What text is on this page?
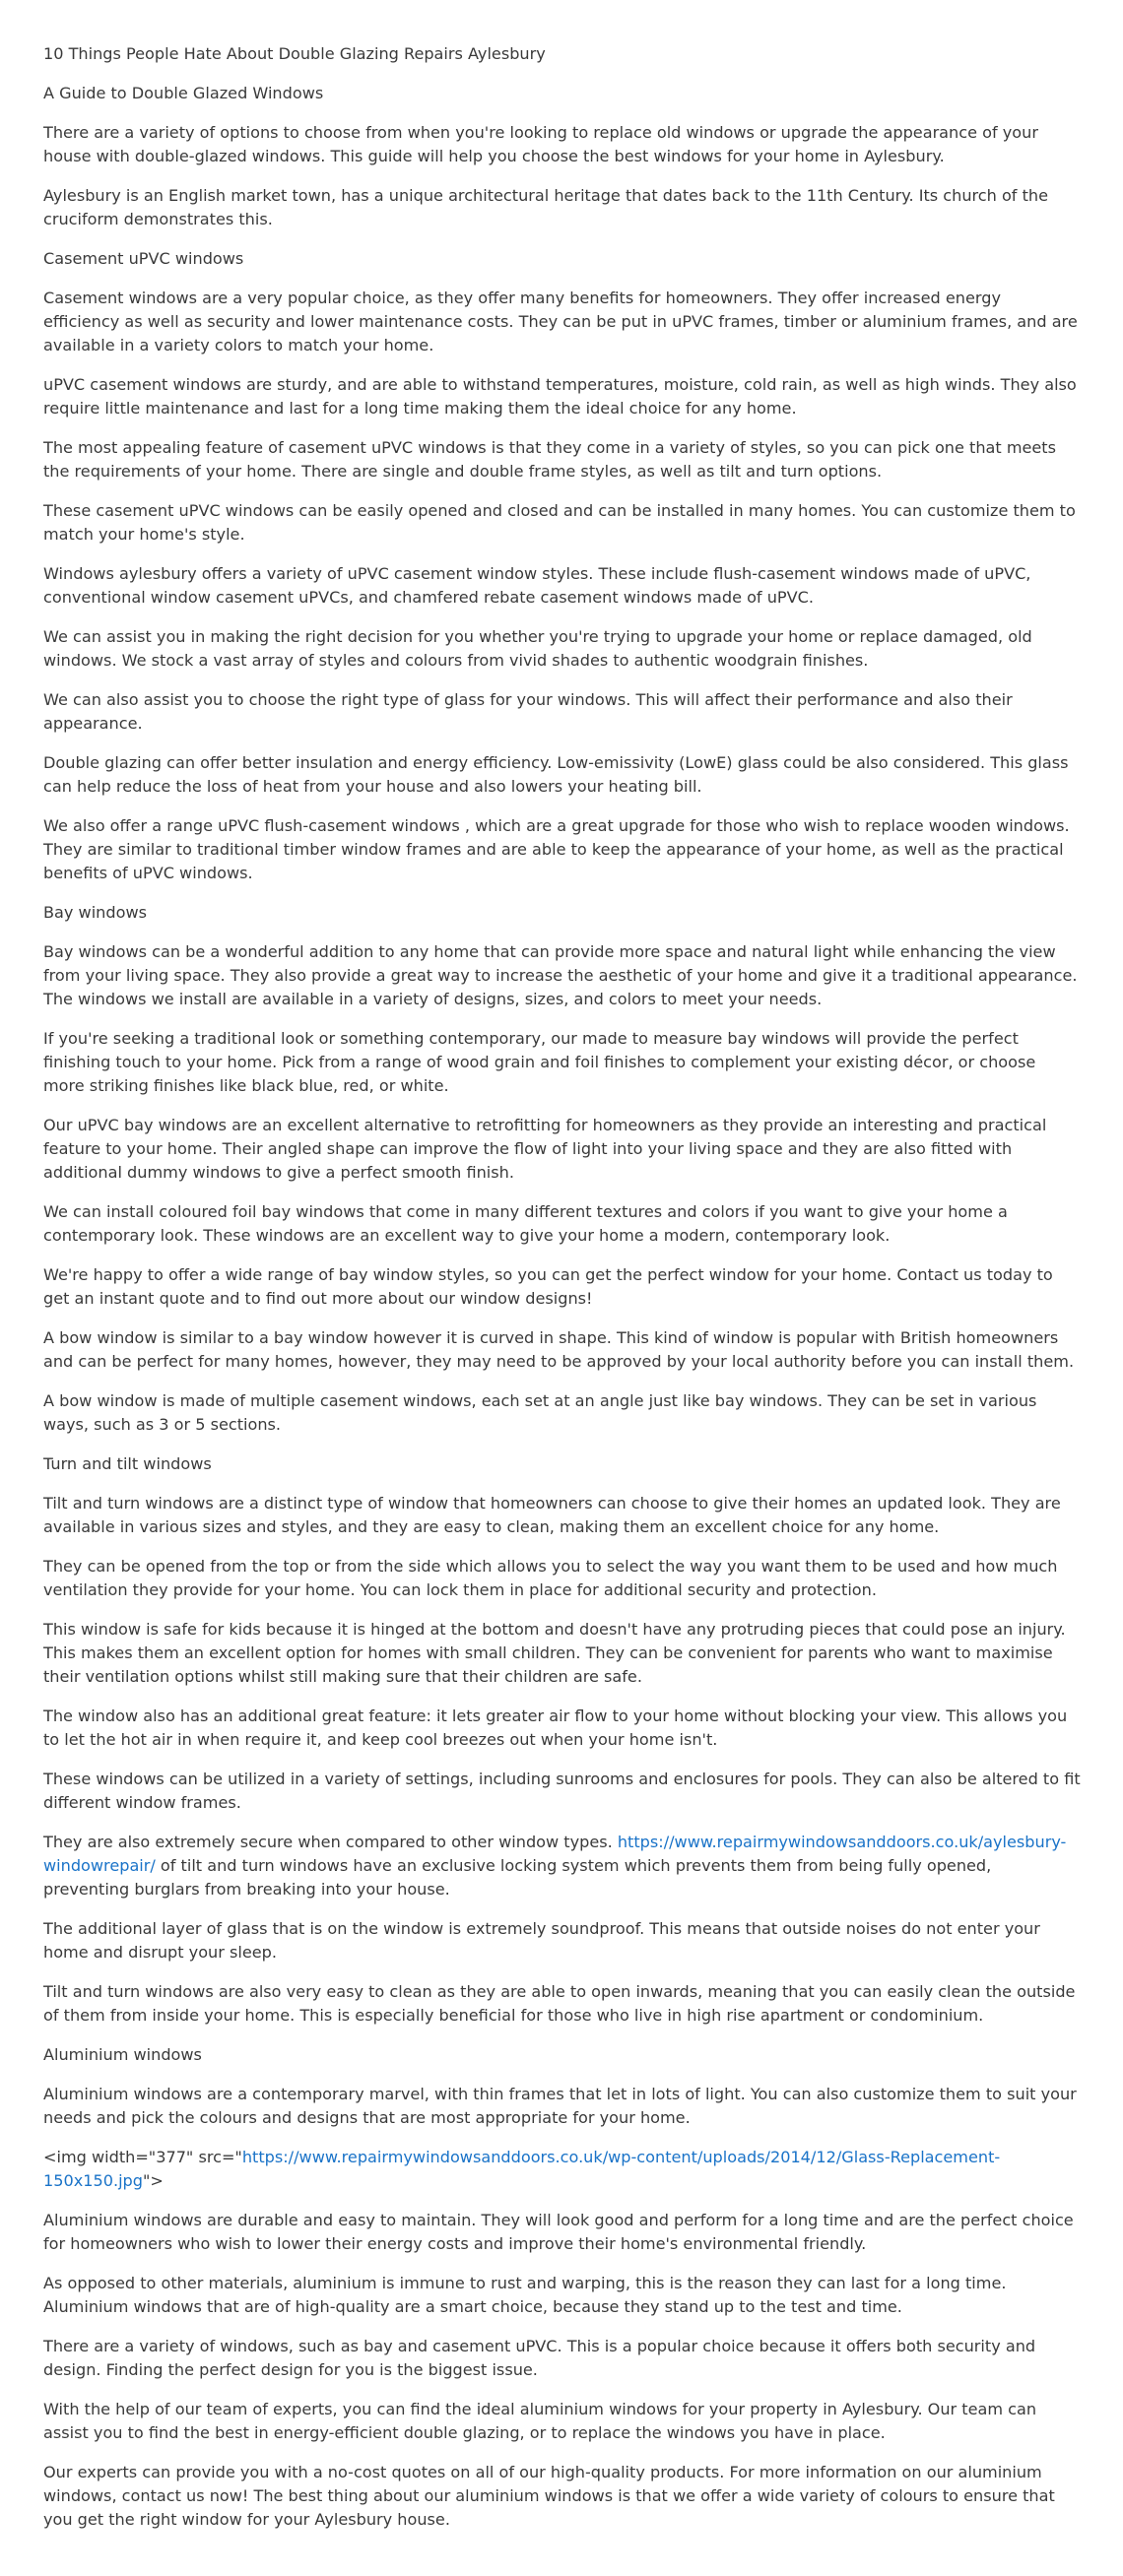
10 Things People Hate About Double Glazing Repairs Aylesbury

A Guide to Double Glazed Windows

There are a variety of options to choose from when you're looking to replace old windows or upgrade the appearance of your house with double-glazed windows. This guide will help you choose the best windows for your home in Aylesbury.

Aylesbury is an English market town, has a unique architectural heritage that dates back to the 11th Century. Its church of the cruciform demonstrates this.

Casement uPVC windows

Casement windows are a very popular choice, as they offer many benefits for homeowners. They offer increased energy efficiency as well as security and lower maintenance costs. They can be put in uPVC frames, timber or aluminium frames, and are available in a variety colors to match your home.

uPVC casement windows are sturdy, and are able to withstand temperatures, moisture, cold rain, as well as high winds. They also require little maintenance and last for a long time making them the ideal choice for any home.

The most appealing feature of casement uPVC windows is that they come in a variety of styles, so you can pick one that meets the requirements of your home. There are single and double frame styles, as well as tilt and turn options.

These casement uPVC windows can be easily opened and closed and can be installed in many homes. You can customize them to match your home's style.

Windows aylesbury offers a variety of uPVC casement window styles. These include flush-casement windows made of uPVC, conventional window casement uPVCs, and chamfered rebate casement windows made of uPVC.

We can assist you in making the right decision for you whether you're trying to upgrade your home or replace damaged, old windows. We stock a vast array of styles and colours from vivid shades to authentic woodgrain finishes.

We can also assist you to choose the right type of glass for your windows. This will affect their performance and also their appearance.

Double glazing can offer better insulation and energy efficiency. Low-emissivity (LowE) glass could be also considered. This glass can help reduce the loss of heat from your house and also lowers your heating bill.

We also offer a range uPVC flush-casement windows , which are a great upgrade for those who wish to replace wooden windows. They are similar to traditional timber window frames and are able to keep the appearance of your home, as well as the practical benefits of uPVC windows.

Bay windows

Bay windows can be a wonderful addition to any home that can provide more space and natural light while enhancing the view from your living space. They also provide a great way to increase the aesthetic of your home and give it a traditional appearance. The windows we install are available in a variety of designs, sizes, and colors to meet your needs.

If you're seeking a traditional look or something contemporary, our made to measure bay windows will provide the perfect finishing touch to your home. Pick from a range of wood grain and foil finishes to complement your existing décor, or choose more striking finishes like black blue, red, or white.

Our uPVC bay windows are an excellent alternative to retrofitting for homeowners as they provide an interesting and practical feature to your home. Their angled shape can improve the flow of light into your living space and they are also fitted with additional dummy windows to give a perfect smooth finish.

We can install coloured foil bay windows that come in many different textures and colors if you want to give your home a contemporary look. These windows are an excellent way to give your home a modern, contemporary look.

We're happy to offer a wide range of bay window styles, so you can get the perfect window for your home. Contact us today to get an instant quote and to find out more about our window designs!

A bow window is similar to a bay window however it is curved in shape. This kind of window is popular with British homeowners and can be perfect for many homes, however, they may need to be approved by your local authority before you can install them.

A bow window is made of multiple casement windows, each set at an angle just like bay windows. They can be set in various ways, such as 3 or 5 sections.

Turn and tilt windows

Tilt and turn windows are a distinct type of window that homeowners can choose to give their homes an updated look. They are available in various sizes and styles, and they are easy to clean, making them an excellent choice for any home.

They can be opened from the top or from the side which allows you to select the way you want them to be used and how much ventilation they provide for your home. You can lock them in place for additional security and protection.

This window is safe for kids because it is hinged at the bottom and doesn't have any protruding pieces that could pose an injury. This makes them an excellent option for homes with small children. They can be convenient for parents who want to maximise their ventilation options whilst still making sure that their children are safe.

The window also has an additional great feature: it lets greater air flow to your home without blocking your view. This allows you to let the hot air in when require it, and keep cool breezes out when your home isn't.

These windows can be utilized in a variety of settings, including sunrooms and enclosures for pools. They can also be altered to fit different window frames.

They are also extremely secure when compared to other window types. https://www.repairmywindowsanddoors.co.uk/aylesbury-windowrepair/ of tilt and turn windows have an exclusive locking system which prevents them from being fully opened, preventing burglars from breaking into your house.

The additional layer of glass that is on the window is extremely soundproof. This means that outside noises do not enter your home and disrupt your sleep.

Tilt and turn windows are also very easy to clean as they are able to open inwards, meaning that you can easily clean the outside of them from inside your home. This is especially beneficial for those who live in high rise apartment or condominium.

Aluminium windows

Aluminium windows are a contemporary marvel, with thin frames that let in lots of light. You can also customize them to suit your needs and pick the colours and designs that are most appropriate for your home.

<img width="377" src="https://www.repairmywindowsanddoors.co.uk/wp-content/uploads/2014/12/Glass-Replacement-150x150.jpg">

Aluminium windows are durable and easy to maintain. They will look good and perform for a long time and are the perfect choice for homeowners who wish to lower their energy costs and improve their home's environmental friendly.

As opposed to other materials, aluminium is immune to rust and warping, this is the reason they can last for a long time. Aluminium windows that are of high-quality are a smart choice, because they stand up to the test and time.

There are a variety of windows, such as bay and casement uPVC. This is a popular choice because it offers both security and design. Finding the perfect design for you is the biggest issue.

With the help of our team of experts, you can find the ideal aluminium windows for your property in Aylesbury. Our team can assist you to find the best in energy-efficient double glazing, or to replace the windows you have in place.

Our experts can provide you with a no-cost quotes on all of our high-quality products. For more information on our aluminium windows, contact us now! The best thing about our aluminium windows is that we offer a wide variety of colours to ensure that you get the right window for your Aylesbury house.
